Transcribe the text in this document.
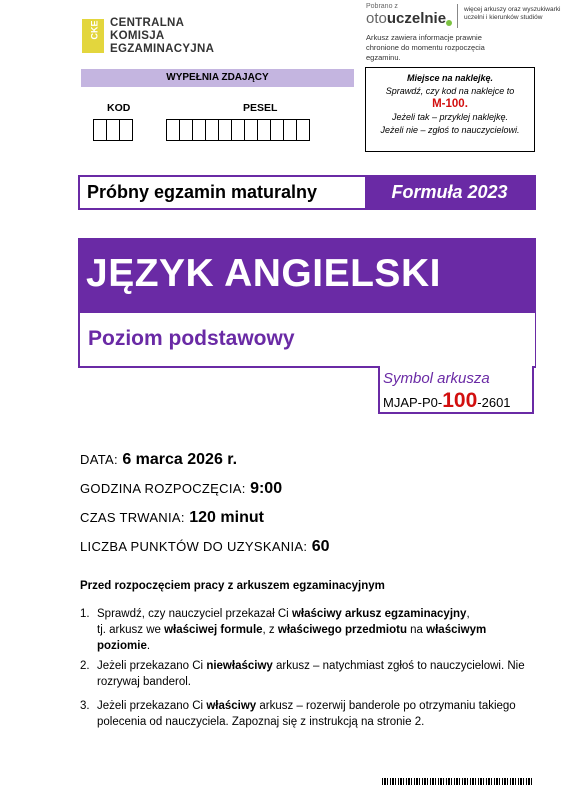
CKE CENTRALNA
KOMISJA
EGZAMINACYJNA
Pobrano z
otouczelnie
więcej arkuszy oraz wyszukiwarki uczelni i kierunków studiów
Arkusz zawiera informacje prawnie chronione do momentu rozpoczęcia egzaminu.
WYPEŁNIA ZDAJĄCY
KOD	PESEL
Miejsce na naklejkę.
Sprawdź, czy kod na naklejce to
M-100.
Jeżeli tak – przyklej naklejkę.
Jeżeli nie – zgłoś to nauczycielowi.
Próbny egzamin maturalny	Formuła 2023
JĘZYK ANGIELSKI
Poziom podstawowy
Symbol arkusza
MJAP-P0-100-2601
DATA: 6 marca 2026 r.
GODZINA ROZPOCZĘCIA: 9:00
CZAS TRWANIA: 120 minut
LICZBA PUNKTÓW DO UZYSKANIA: 60
Przed rozpoczęciem pracy z arkuszem egzaminacyjnym
1. Sprawdź, czy nauczyciel przekazał Ci właściwy arkusz egzaminacyjny,
tj. arkusz we właściwej formule, z właściwego przedmiotu na właściwym poziomie.
2. Jeżeli przekazano Ci niewłaściwy arkusz – natychmiast zgłoś to nauczycielowi. Nie rozrywaj banderol.
3. Jeżeli przekazano Ci właściwy arkusz – rozerwij banderole po otrzymaniu takiego polecenia od nauczyciela. Zapoznaj się z instrukcją na stronie 2.
